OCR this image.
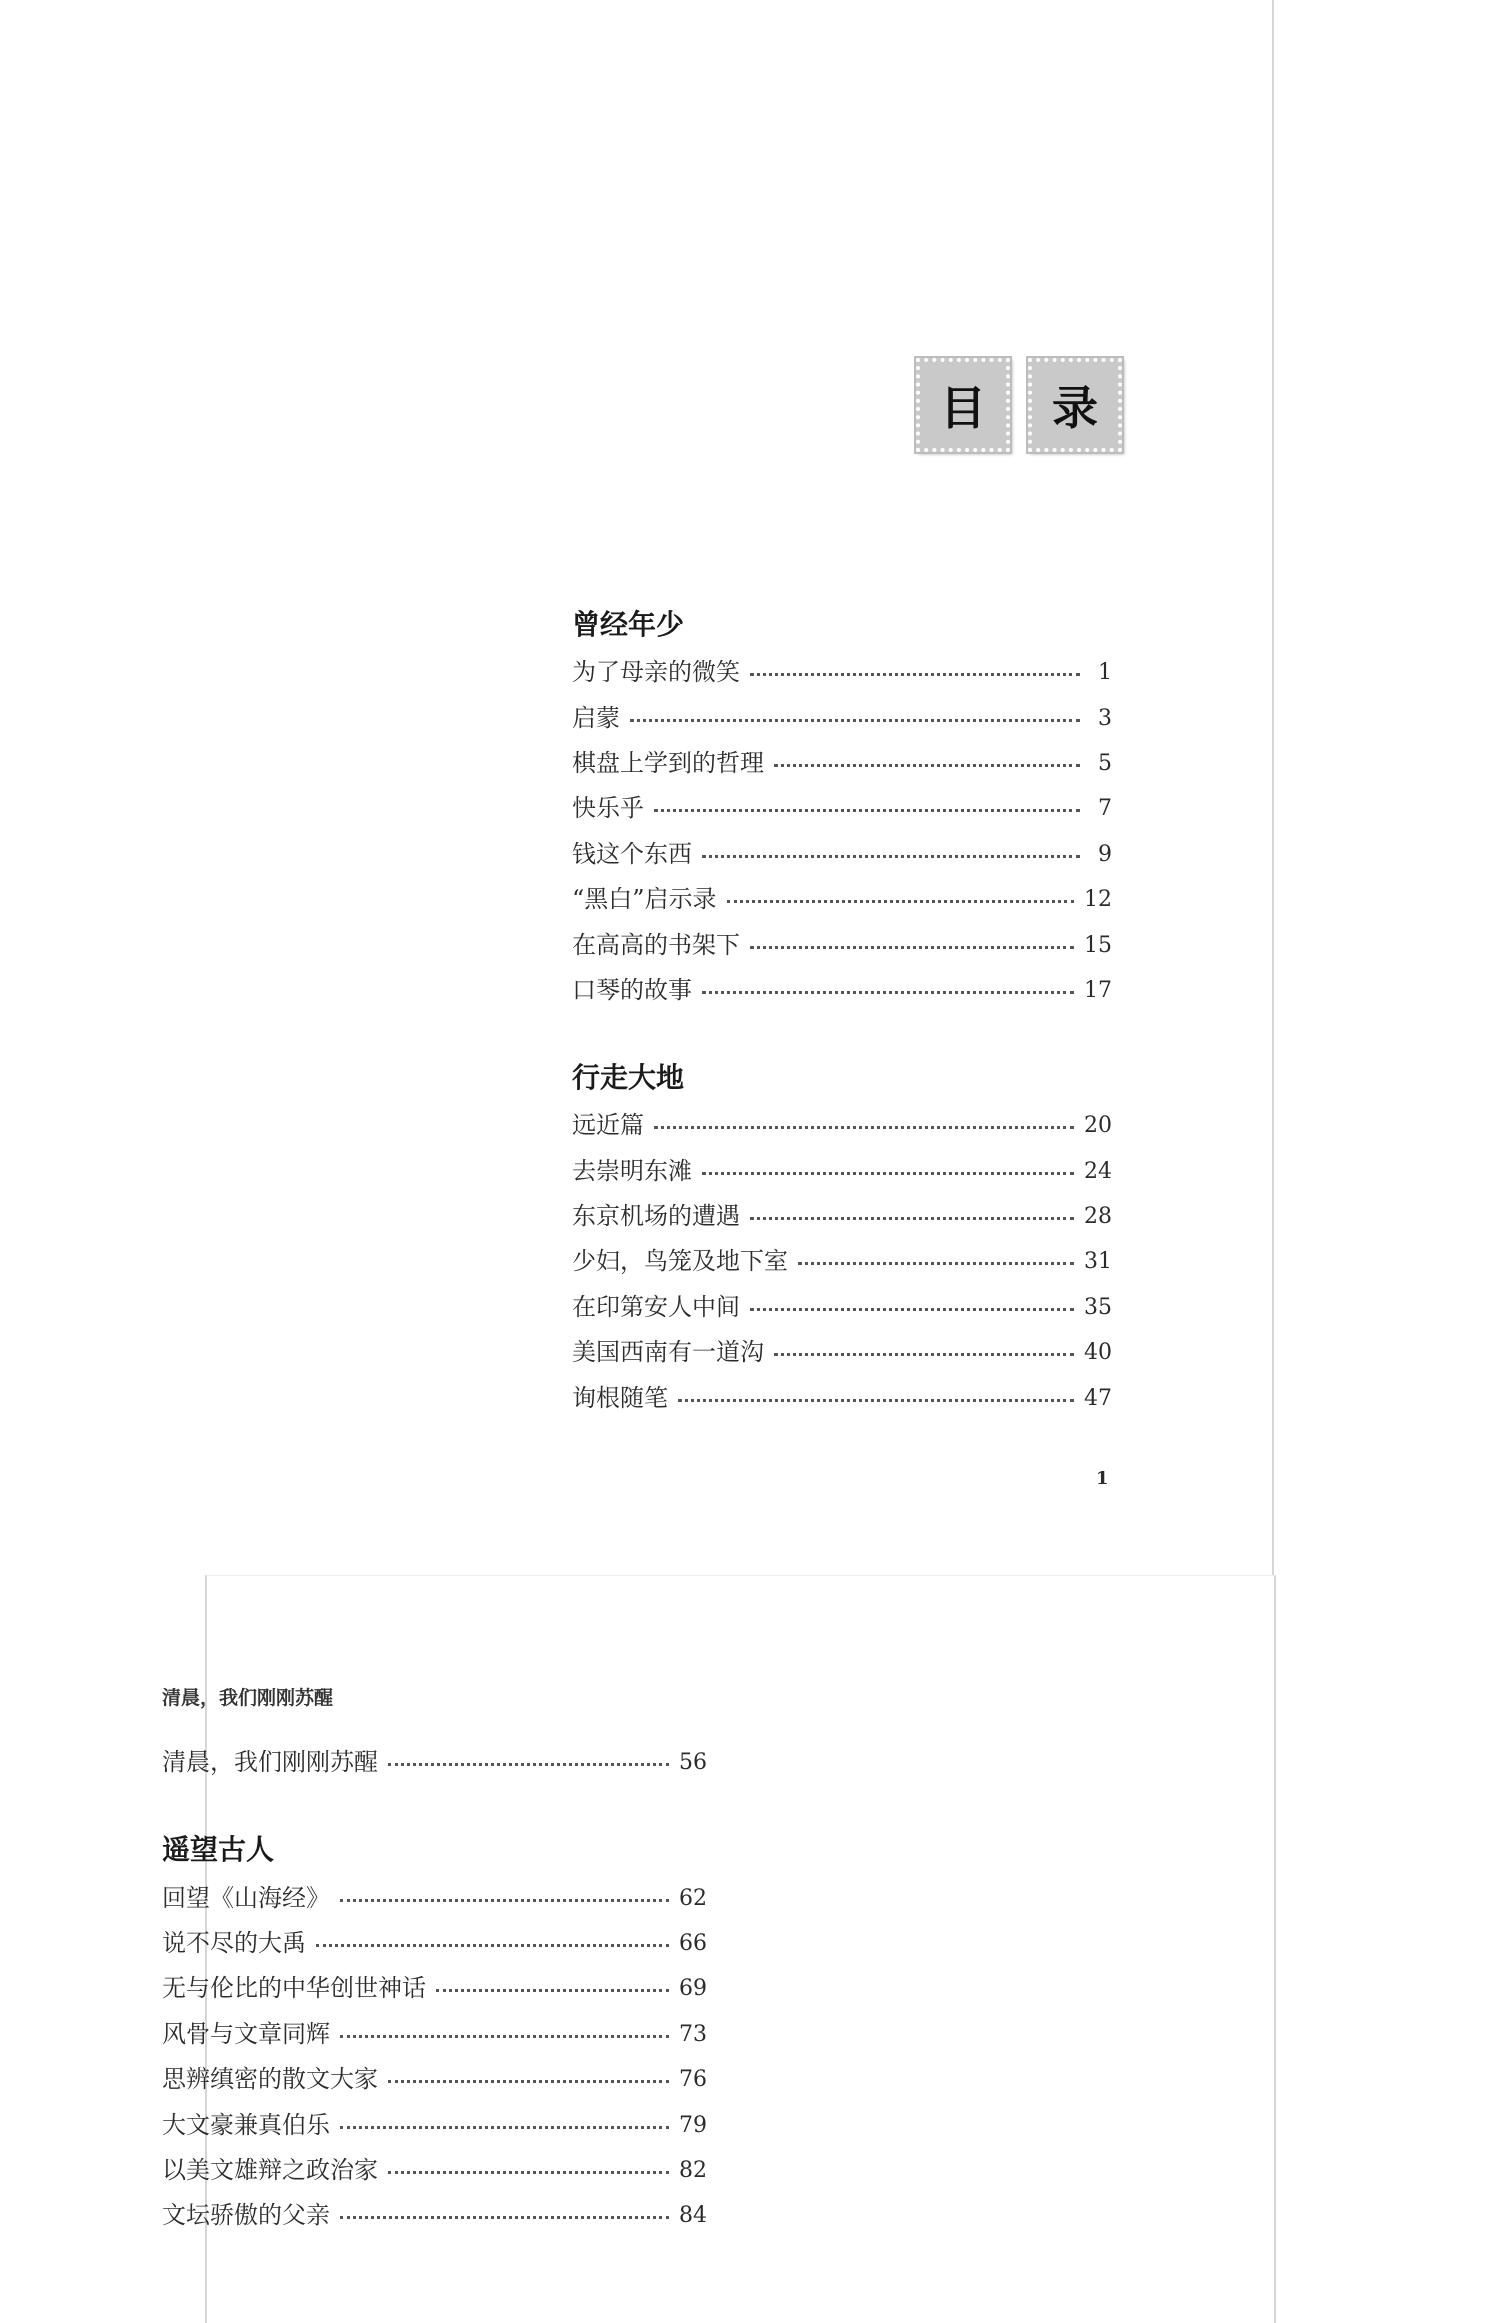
目	录
曾经年少
为了母亲的微笑	1
启蒙	3
棋盘上学到的哲理	5
快乐乎	7
钱这个东西	9
“黑白”启示录	12
在高高的书架下	15
口琴的故事	17
行走大地
远近篇	20
去崇明东滩	24
东京机场的遭遇	28
少妇，鸟笼及地下室	31
在印第安人中间	35
美国西南有一道沟	40
询根随笔	47
1
清晨，我们刚刚苏醒
清晨，我们刚刚苏醒	56
遥望古人
回望《山海经》	62
说不尽的大禹	66
无与伦比的中华创世神话	69
风骨与文章同辉	73
思辨缜密的散文大家	76
大文豪兼真伯乐	79
以美文雄辩之政治家	82
文坛骄傲的父亲	84
